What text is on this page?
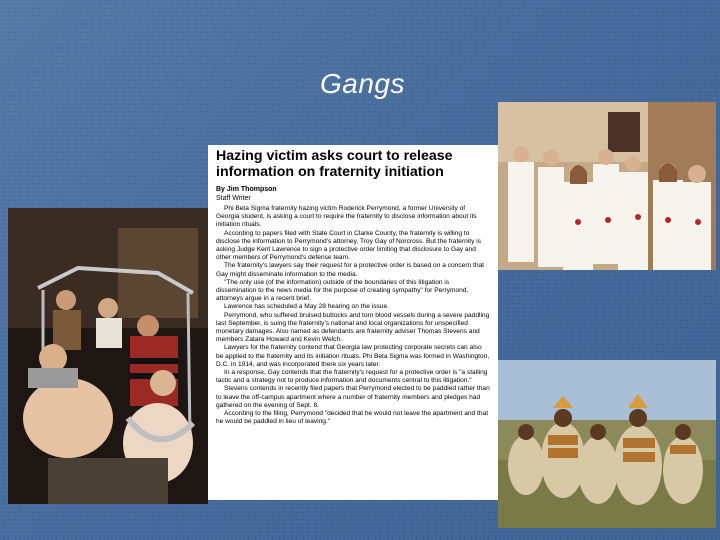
Gangs
Hazing victim asks court to release information on fraternity initiation
By Jim Thompson
Staff Writer

Phi Beta Sigma fraternity hazing victim Roderick Perrymond, a former University of Georgia student, is asking a court to require the fraternity to disclose information about its initiation rituals.

According to papers filed with State Court in Clarke County, the fraternity is willing to disclose the information to Perrymond's attorney, Troy Gay of Norcross. But the fraternity is asking Judge Kent Lawrence to sign a protective order limiting that disclosure to Gay and other members of Perrymond's defense team.

The fraternity's lawyers say their request for a protective order is based on a concern that Gay might disseminate information to the media.

"The only use (of the information) outside of the boundaries of this litigation is dissemination to the news media for the purpose of creating sympathy" for Perrymond, attorneys argue in a recent brief.

Lawrence has scheduled a May 28 hearing on the issue.

Perrymond, who suffered bruised buttocks and torn blood vessels during a severe paddling last September, is suing the fraternity's national and local organizations for unspecified monetary damages. Also named as defendants are fraternity adviser Thomas Stevens and members Zatara Howard and Kevin Welch.

Lawyers for the fraternity contend that Georgia law protecting corporate secrets can also be applied to the fraternity and its initiation rituals. Phi Beta Sigma was formed in Washington, D.C. in 1914, and was incorporated there six years later.

In a response, Gay contends that the fraternity's request for a protective order is "a stalling tactic and a strategy not to produce information and documents central to this litigation."

Stevens contends in recently filed papers that Perrymond elected to be paddled rather than to leave the off-campus apartment where a number of fraternity members and pledges had gathered on the evening of Sept. 8.

According to the filing, Perrymond "decided that he would not leave the apartment and that he would be paddled in lieu of leaving."
